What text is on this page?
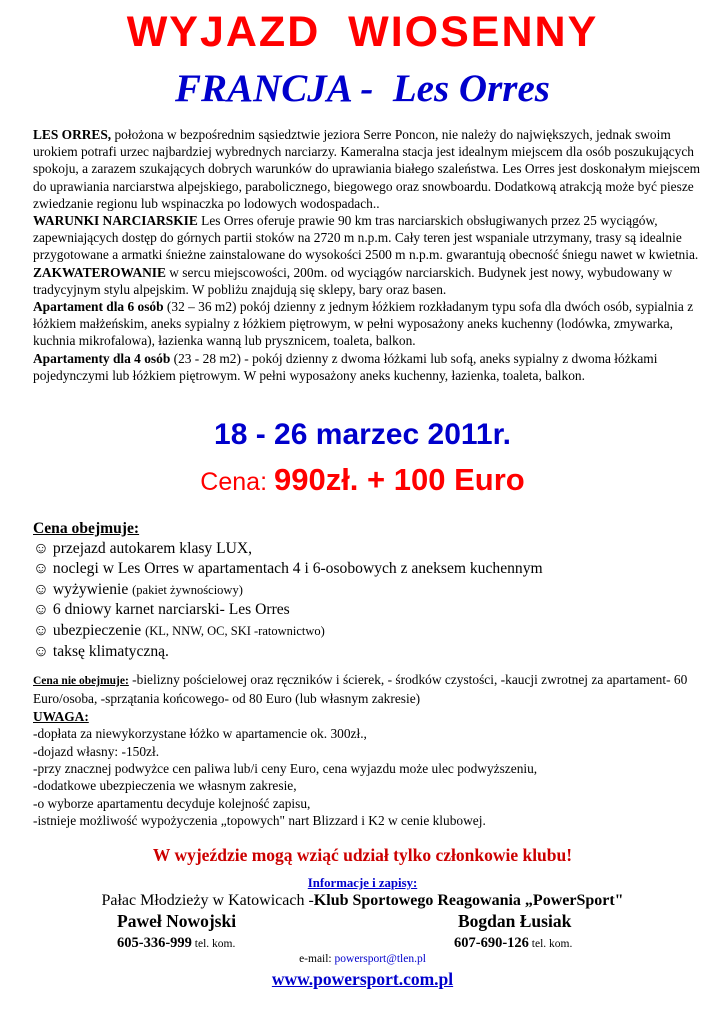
WYJAZD  WIOSENNY
FRANCJA -  Les Orres

LES ORRES, położona w bezpośrednim sąsiedztwie jeziora Serre Poncon, nie należy do największych, jednak swoim urokiem potrafi urzec najbardziej wybrednych narciarzy. Kameralna stacja jest idealnym miejscem dla osób poszukujących spokoju, a zarazem szukających dobrych warunków do uprawiania białego szaleństwa. Les Orres jest doskonałym miejscem do uprawiania narciarstwa alpejskiego, parabolicznego, biegowego oraz snowboardu. Dodatkową atrakcją może być piesze zwiedzanie regionu lub wspinaczka po lodowych wodospadach..

WARUNKI NARCIARSKIE Les Orres oferuje prawie 90 km tras narciarskich obsługiwanych przez 25 wyciągów, zapewniających dostęp do górnych partii stoków na 2720 m n.p.m. Cały teren jest wspaniale utrzymany, trasy są idealnie przygotowane a armatki śnieżne zainstalowane do wysokości 2500 m n.p.m. gwarantują obecność śniegu nawet w kwietnia.

ZAKWATEROWANIE w sercu miejscowości, 200m. od wyciągów narciarskich. Budynek jest nowy, wybudowany w tradycyjnym stylu alpejskim. W pobliżu znajdują się sklepy, bary oraz basen.

Apartament dla 6 osób (32 – 36 m2) pokój dzienny z jednym łóżkiem rozkładanym typu sofa dla dwóch osób, sypialnia z łóżkiem małżeńskim, aneks sypialny z łóżkiem piętrowym, w pełni wyposażony aneks kuchenny (lodówka, zmywarka, kuchnia mikrofalowa), łazienka wanną lub prysznicem, toaleta, balkon.

Apartamenty dla 4 osób (23 - 28 m2) - pokój dzienny z dwoma łóżkami lub sofą, aneks sypialny z dwoma łóżkami pojedynczymi lub łóżkiem piętrowym. W pełni wyposażony aneks kuchenny, łazienka, toaleta, balkon.

18 - 26 marzec 2011r.
Cena: 990zł. + 100 Euro
Cena obejmuje:
☺ przejazd autokarem klasy LUX,
☺ noclegi w Les Orres w apartamentach 4 i 6-osobowych z aneksem kuchennym
☺ wyżywienie (pakiet żywnościowy)
☺ 6 dniowy karnet narciarski- Les Orres
☺ ubezpieczenie (KL, NNW, OC, SKI -ratownictwo)
☺ taksę klimatyczną.
Cena nie obejmuje: -bielizny pościelowej oraz ręczników i ścierek, - środków czystości, -kaucji zwrotnej za apartament- 60 Euro/osoba, -sprzątania końcowego- od 80 Euro (lub własnym zakresie)
UWAGA:
-dopłata za niewykorzystane łóżko w apartamencie ok. 300zł.,
-dojazd własny: -150zł.
-przy znacznej podwyżce cen paliwa lub/i ceny Euro, cena wyjazdu może ulec podwyższeniu,
-dodatkowe ubezpieczenia we własnym zakresie,
-o wyborze apartamentu decyduje kolejność zapisu,
-istnieje możliwość wypożyczenia „topowych" nart Blizzard i K2 w cenie klubowej.
W wyjeździe mogą wziąć udział tylko członkowie klubu!
Informacje i zapisy:
Pałac Młodzieży w Katowicach -Klub Sportowego Reagowania „PowerSport"
Paweł Nowojski	Bogdan Łusiak
605-336-999 tel. kom.	607-690-126 tel. kom.
e-mail: powersport@tlen.pl
www.powersport.com.pl
